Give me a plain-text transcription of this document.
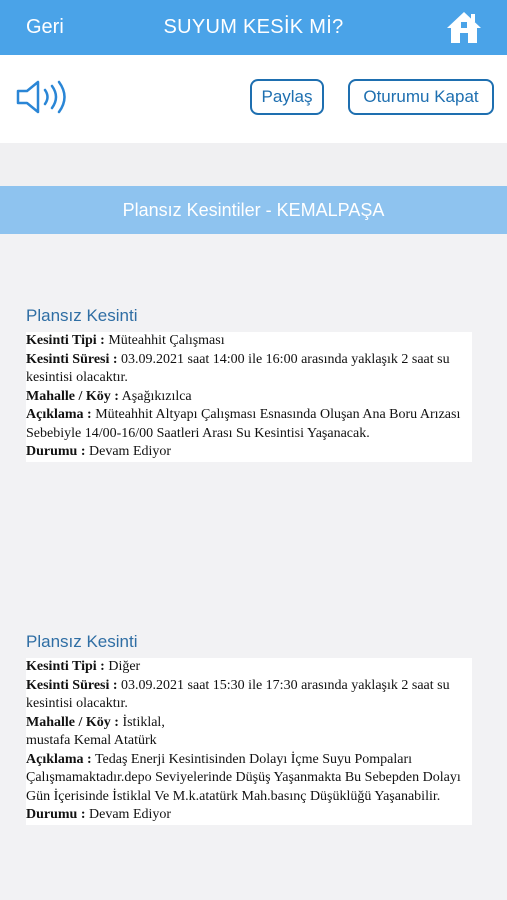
Geri	SUYUM KESİK Mİ?
Paylaş	Oturumu Kapat
Plansız Kesintiler - KEMALPAŞA
Plansız Kesinti
Kesinti Tipi : Müteahhit Çalışması
Kesinti Süresi : 03.09.2021 saat 14:00 ile 16:00 arasında yaklaşık 2 saat su kesintisi olacaktır.
Mahalle / Köy : Aşağıkızılca
Açıklama : Müteahhit Altyapı Çalışması Esnasında Oluşan Ana Boru Arızası Sebebiyle 14/00-16/00 Saatleri Arası Su Kesintisi Yaşanacak.
Durumu : Devam Ediyor
Plansız Kesinti
Kesinti Tipi : Diğer
Kesinti Süresi : 03.09.2021 saat 15:30 ile 17:30 arasında yaklaşık 2 saat su kesintisi olacaktır.
Mahalle / Köy : İstiklal,
mustafa Kemal Atatürk
Açıklama : Tedaş Enerji Kesintisinden Dolayı İçme Suyu Pompaları Çalışmamaktadır.depo Seviyelerinde Düşüş Yaşanmakta Bu Sebepden Dolayı Gün İçerisinde İstiklal Ve M.k.atatürk Mah.basınç Düşüklüğü Yaşanabilir.
Durumu : Devam Ediyor
